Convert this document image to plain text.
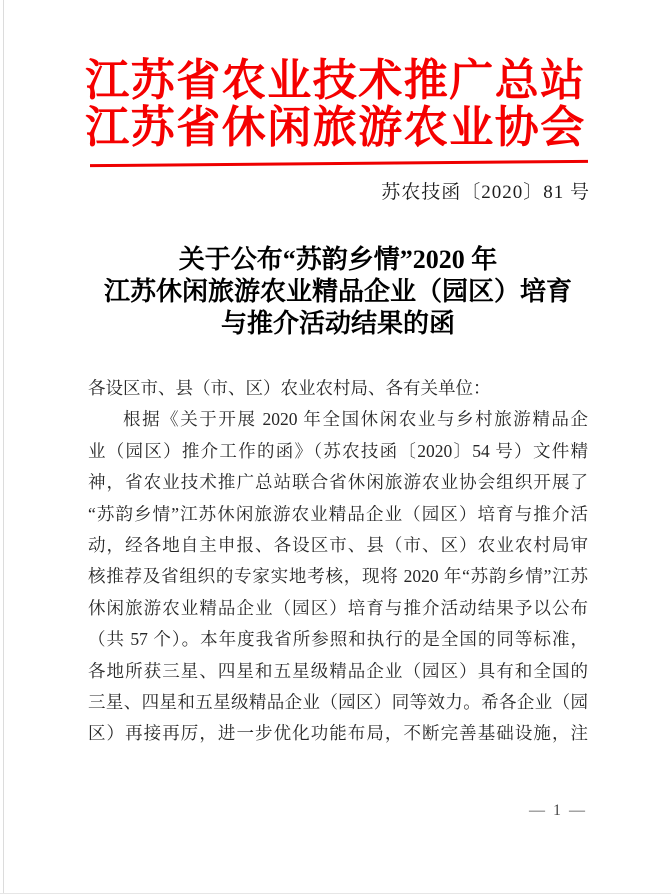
江苏省农业技术推广总站
江苏省休闲旅游农业协会
苏农技函〔2020〕81 号
关于公布“苏韵乡情”2020 年
江苏休闲旅游农业精品企业（园区）培育
与推介活动结果的函
各设区市、县（市、区）农业农村局、各有关单位：
根据《关于开展 2020 年全国休闲农业与乡村旅游精品企
业（园区）推介工作的函》（苏农技函〔2020〕54 号）文件精
神，省农业技术推广总站联合省休闲旅游农业协会组织开展了
“苏韵乡情”江苏休闲旅游农业精品企业（园区）培育与推介活
动，经各地自主申报、各设区市、县（市、区）农业农村局审
核推荐及省组织的专家实地考核，现将 2020 年“苏韵乡情”江苏
休闲旅游农业精品企业（园区）培育与推介活动结果予以公布
（共 57 个）。本年度我省所参照和执行的是全国的同等标准，
各地所获三星、四星和五星级精品企业（园区）具有和全国的
三星、四星和五星级精品企业（园区）同等效力。希各企业（园
区）再接再厉，进一步优化功能布局，不断完善基础设施，注
— 1 —
